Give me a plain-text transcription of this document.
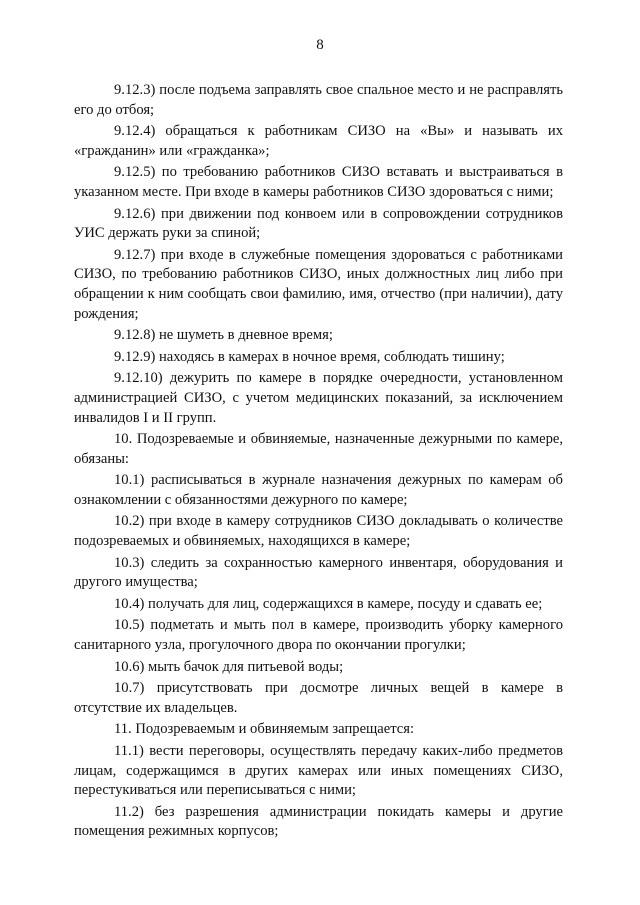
8

9.12.3) после подъема заправлять свое спальное место и не расправлять его до отбоя;

9.12.4) обращаться к работникам СИЗО на «Вы» и называть их «гражданин» или «гражданка»;

9.12.5) по требованию работников СИЗО вставать и выстраиваться в указанном месте. При входе в камеры работников СИЗО здороваться с ними;

9.12.6) при движении под конвоем или в сопровождении сотрудников УИС держать руки за спиной;

9.12.7) при входе в служебные помещения здороваться с работниками СИЗО, по требованию работников СИЗО, иных должностных лиц либо при обращении к ним сообщать свои фамилию, имя, отчество (при наличии), дату рождения;

9.12.8) не шуметь в дневное время;

9.12.9) находясь в камерах в ночное время, соблюдать тишину;

9.12.10) дежурить по камере в порядке очередности, установленном администрацией СИЗО, с учетом медицинских показаний, за исключением инвалидов I и II групп.

10. Подозреваемые и обвиняемые, назначенные дежурными по камере, обязаны:

10.1) расписываться в журнале назначения дежурных по камерам об ознакомлении с обязанностями дежурного по камере;

10.2) при входе в камеру сотрудников СИЗО докладывать о количестве подозреваемых и обвиняемых, находящихся в камере;

10.3) следить за сохранностью камерного инвентаря, оборудования и другого имущества;

10.4) получать для лиц, содержащихся в камере, посуду и сдавать ее;

10.5) подметать и мыть пол в камере, производить уборку камерного санитарного узла, прогулочного двора по окончании прогулки;

10.6) мыть бачок для питьевой воды;

10.7) присутствовать при досмотре личных вещей в камере в отсутствие их владельцев.

11. Подозреваемым и обвиняемым запрещается:

11.1) вести переговоры, осуществлять передачу каких-либо предметов лицам, содержащимся в других камерах или иных помещениях СИЗО, перестукиваться или переписываться с ними;

11.2) без разрешения администрации покидать камеры и другие помещения режимных корпусов;
